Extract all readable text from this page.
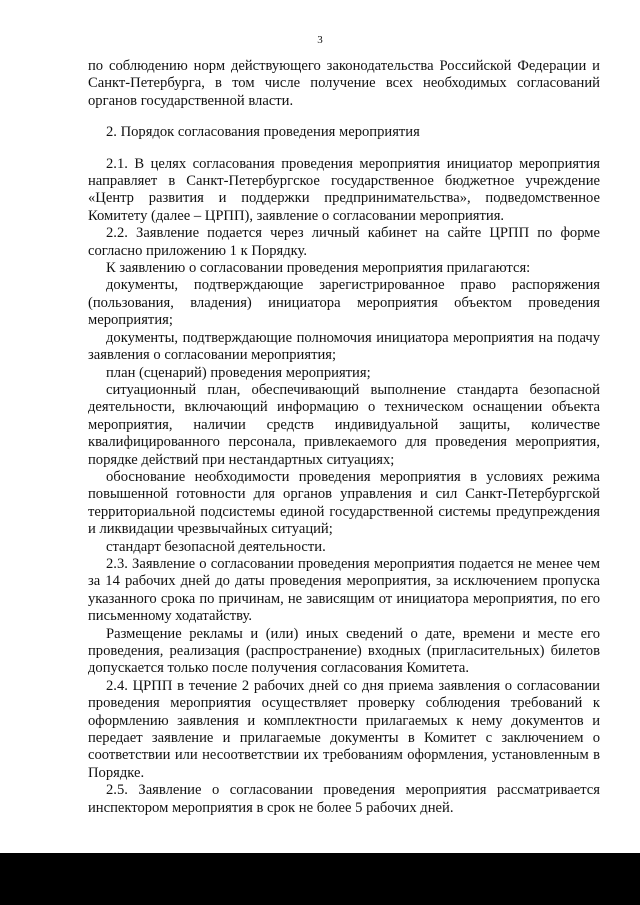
3

по соблюдению норм действующего законодательства Российской Федерации и Санкт-Петербурга, в том числе получение всех необходимых согласований органов государственной власти.

2. Порядок согласования проведения мероприятия

2.1. В целях согласования проведения мероприятия инициатор мероприятия направляет в Санкт-Петербургское государственное бюджетное учреждение «Центр развития и поддержки предпринимательства», подведомственное Комитету (далее – ЦРПП), заявление о согласовании мероприятия.

2.2. Заявление подается через личный кабинет на сайте ЦРПП по форме согласно приложению 1 к Порядку.

К заявлению о согласовании проведения мероприятия прилагаются:

документы, подтверждающие зарегистрированное право распоряжения (пользования, владения) инициатора мероприятия объектом проведения мероприятия;

документы, подтверждающие полномочия инициатора мероприятия на подачу заявления о согласовании мероприятия;

план (сценарий) проведения мероприятия;

ситуационный план, обеспечивающий выполнение стандарта безопасной деятельности, включающий информацию о техническом оснащении объекта мероприятия, наличии средств индивидуальной защиты, количестве квалифицированного персонала, привлекаемого для проведения мероприятия, порядке действий при нестандартных ситуациях;

обоснование необходимости проведения мероприятия в условиях режима повышенной готовности для органов управления и сил Санкт-Петербургской территориальной подсистемы единой государственной системы предупреждения и ликвидации чрезвычайных ситуаций;

стандарт безопасной деятельности.

2.3. Заявление о согласовании проведения мероприятия подается не менее чем за 14 рабочих дней до даты проведения мероприятия, за исключением пропуска указанного срока по причинам, не зависящим от инициатора мероприятия, по его письменному ходатайству.

Размещение рекламы и (или) иных сведений о дате, времени и месте его проведения, реализация (распространение) входных (пригласительных) билетов допускается только после получения согласования Комитета.

2.4. ЦРПП в течение 2 рабочих дней со дня приема заявления о согласовании проведения мероприятия осуществляет проверку соблюдения требований к оформлению заявления и комплектности прилагаемых к нему документов и передает заявление и прилагаемые документы в Комитет с заключением о соответствии или несоответствии их требованиям оформления, установленным в Порядке.

2.5. Заявление о согласовании проведения мероприятия рассматривается инспектором мероприятия в срок не более 5 рабочих дней.
